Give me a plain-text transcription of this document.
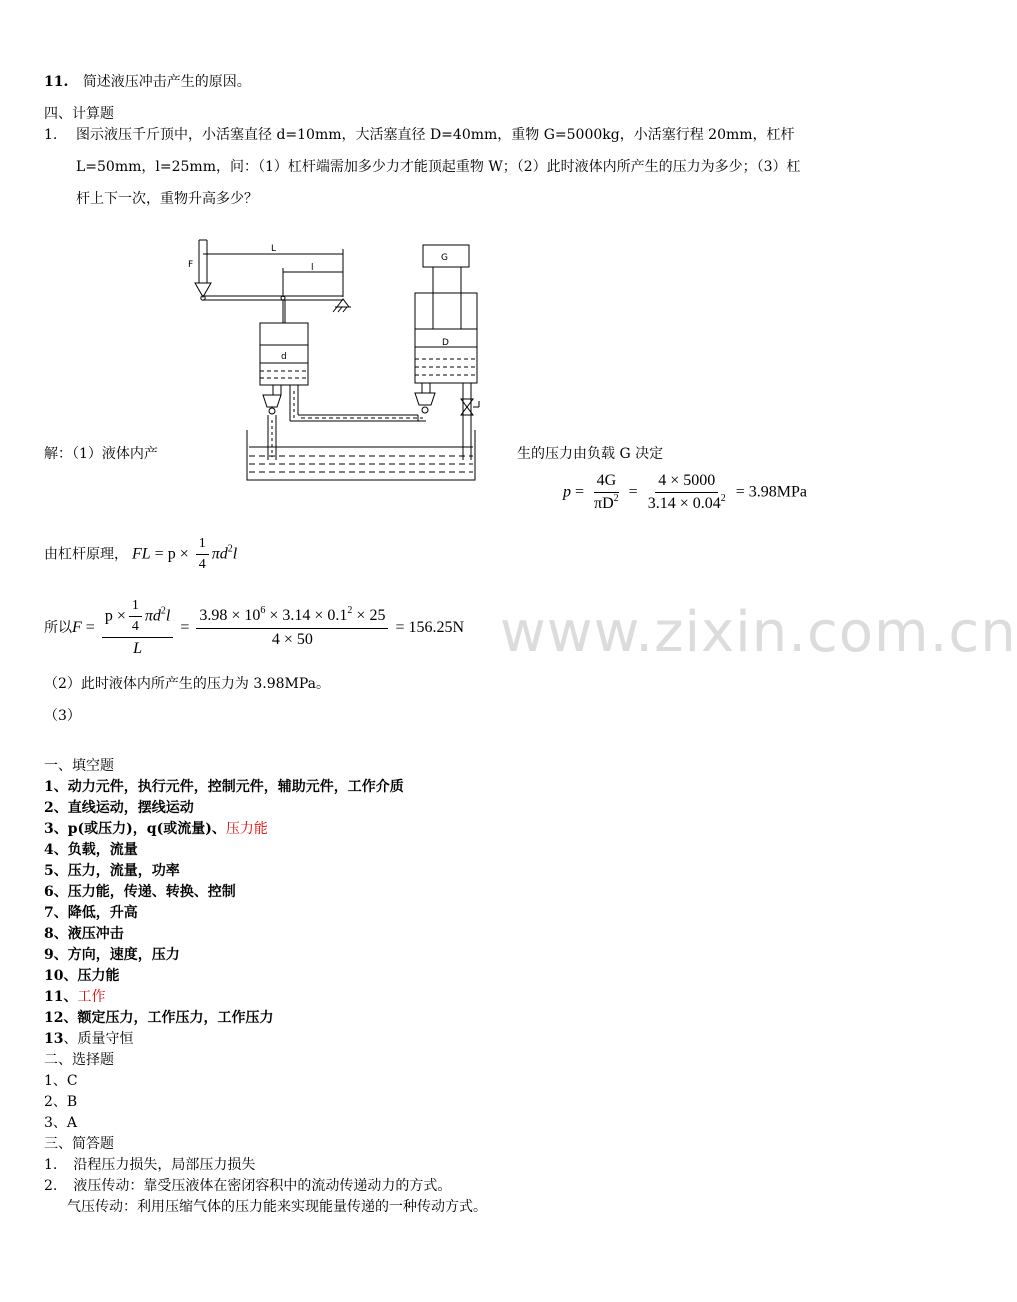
www.zixin.com.cn
11. 简述液压冲击产生的原因。
四、计算题
1. 图示液压千斤顶中，小活塞直径 d=10mm，大活塞直径 D=40mm，重物 G=5000kg，小活塞行程 20mm，杠杆
L=50mm，l=25mm，问：（1）杠杆端需加多少力才能顶起重物 W；（2）此时液体内所产生的压力为多少；（3）杠
杆上下一次，重物升高多少？
F
L
l
d
D
G
解：（1）液体内产	生的压力由负载 G 决定
$p = \frac{4G}{\pi D^2} = \frac{4 \times 5000}{3.14 \times 0.04^2} = 3.98MPa$
由杠杆原理， FL = $p \times \frac{1}{4} \pi d^2l$
所以$F = \frac{p \times \frac{1}{4} \pi d^2l}{L} = \frac{3.98 \times 10^6 \times 3.14 \times 0.1^2 \times 25}{4 \times 50} = 156.25N$
（2）此时液体内所产生的压力为 3.98MPa。
（3）
一、填空题
1、动力元件，执行元件，控制元件，辅助元件，工作介质
2、直线运动，摆线运动
3、p(或压力)，q(或流量)、压力能
4、负载，流量
5、压力，流量，功率
6、压力能，传递、转换、控制
7、降低，升高
8、液压冲击
9、方向，速度，压力
10、压力能
11、工作
12、额定压力，工作压力，工作压力
13、质量守恒
二、选择题
1、C
2、B
3、A
三、简答题
1. 沿程压力损失，局部压力损失
2. 液压传动：靠受压液体在密闭容积中的流动传递动力的方式。
气压传动：利用压缩气体的压力能来实现能量传递的一种传动方式。
